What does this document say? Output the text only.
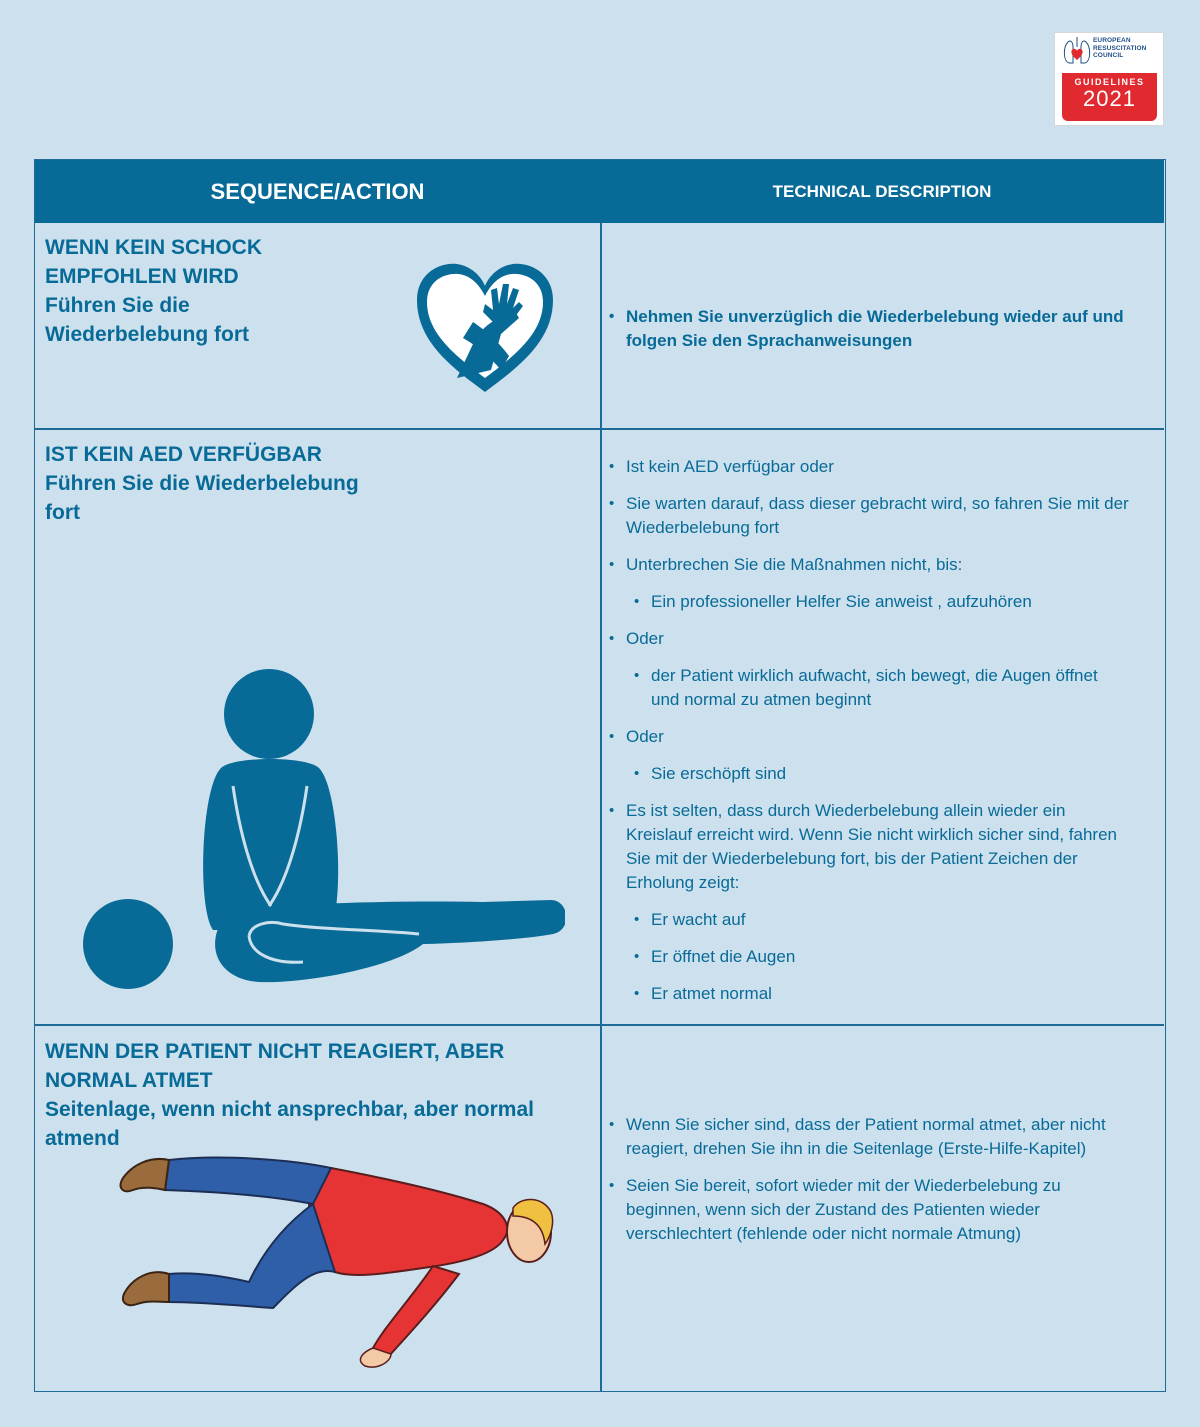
EUROPEAN
RESUSCITATION
COUNCIL
GUIDELINES
2021
SEQUENCE/ACTION	TECHNICAL DESCRIPTION
WENN KEIN SCHOCK EMPFOHLEN WIRD
Führen Sie die Wiederbelebung fort
• Nehmen Sie unverzüglich die Wiederbelebung wieder auf und folgen Sie den Sprachanweisungen
IST KEIN AED VERFÜGBAR
Führen Sie die Wiederbelebung fort
• Ist kein AED verfügbar oder
• Sie warten darauf, dass dieser gebracht wird, so fahren Sie mit der Wiederbelebung fort
• Unterbrechen Sie die Maßnahmen nicht, bis:
• Ein professioneller Helfer Sie anweist , aufzuhören
• Oder
• der Patient wirklich aufwacht, sich bewegt, die Augen öffnet und normal zu atmen beginnt
• Oder
• Sie erschöpft sind
• Es ist selten, dass durch Wiederbelebung allein wieder ein Kreislauf erreicht wird. Wenn Sie nicht wirklich sicher sind, fahren Sie mit der Wiederbelebung fort, bis der Patient Zeichen der Erholung zeigt:
• Er wacht auf
• Er öffnet die Augen
• Er atmet normal
WENN DER PATIENT NICHT REAGIERT, ABER NORMAL ATMET
Seitenlage, wenn nicht ansprechbar, aber normal atmend
• Wenn Sie sicher sind, dass der Patient normal atmet, aber nicht reagiert, drehen Sie ihn in die Seitenlage (Erste-Hilfe-Kapitel)
• Seien Sie bereit, sofort wieder mit der Wiederbelebung zu beginnen, wenn sich der Zustand des Patienten wieder verschlechtert (fehlende oder nicht normale Atmung)
